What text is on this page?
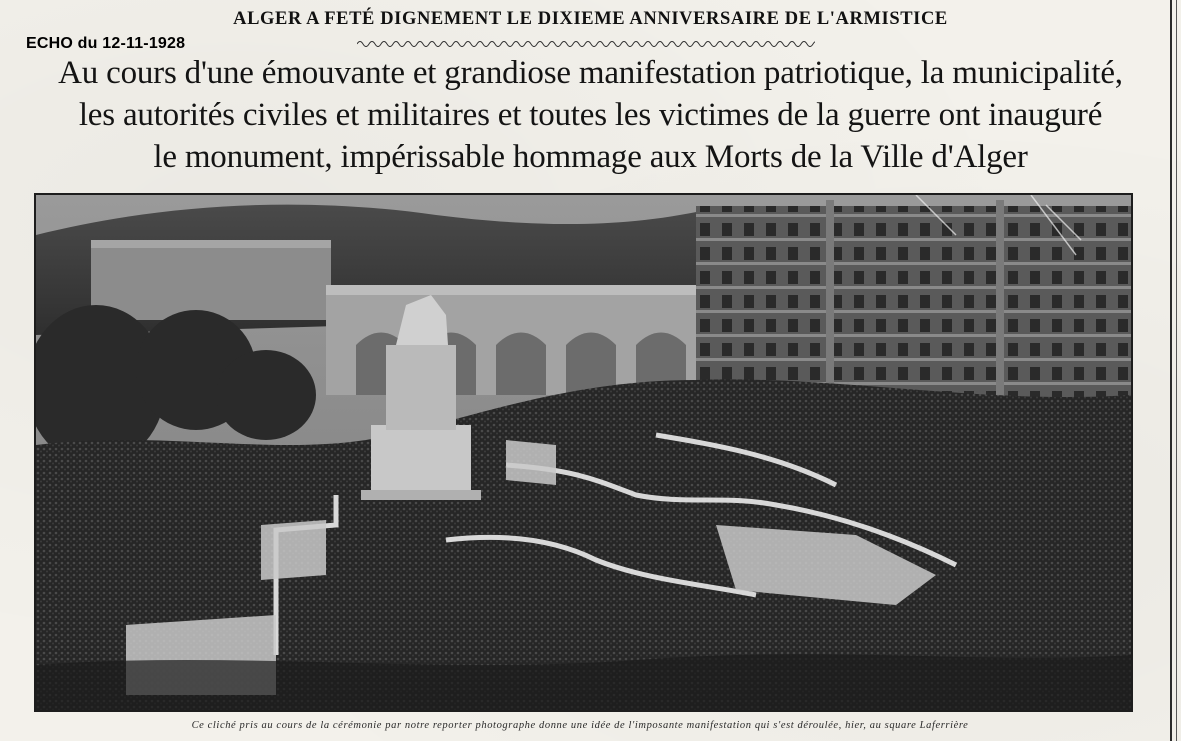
ALGER A FETÉ DIGNEMENT LE DIXIEME ANNIVERSAIRE DE L'ARMISTICE
ECHO du 12-11-1928
Au cours d'une émouvante et grandiose manifestation patriotique, la municipalité,
les autorités civiles et militaires et toutes les victimes de la guerre ont inauguré
le monument, impérissable hommage aux Morts de la Ville d'Alger
Ce cliché pris au cours de la cérémonie par notre reporter photographe donne une idée de l'imposante manifestation qui s'est déroulée, hier, au square Laferrière
